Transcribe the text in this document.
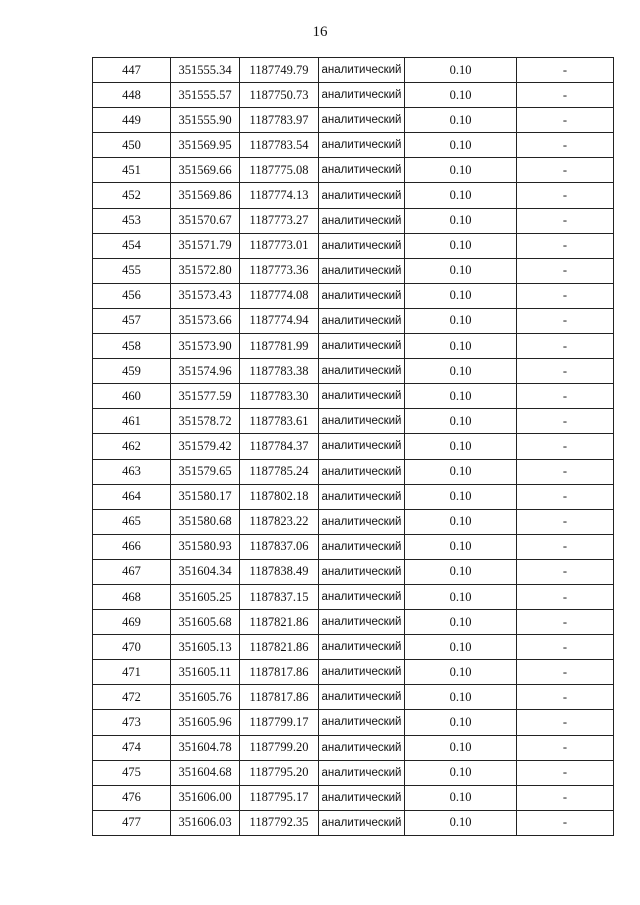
16
447	351555.34	1187749.79	аналитический	0.10	-
448	351555.57	1187750.73	аналитический	0.10	-
449	351555.90	1187783.97	аналитический	0.10	-
450	351569.95	1187783.54	аналитический	0.10	-
451	351569.66	1187775.08	аналитический	0.10	-
452	351569.86	1187774.13	аналитический	0.10	-
453	351570.67	1187773.27	аналитический	0.10	-
454	351571.79	1187773.01	аналитический	0.10	-
455	351572.80	1187773.36	аналитический	0.10	-
456	351573.43	1187774.08	аналитический	0.10	-
457	351573.66	1187774.94	аналитический	0.10	-
458	351573.90	1187781.99	аналитический	0.10	-
459	351574.96	1187783.38	аналитический	0.10	-
460	351577.59	1187783.30	аналитический	0.10	-
461	351578.72	1187783.61	аналитический	0.10	-
462	351579.42	1187784.37	аналитический	0.10	-
463	351579.65	1187785.24	аналитический	0.10	-
464	351580.17	1187802.18	аналитический	0.10	-
465	351580.68	1187823.22	аналитический	0.10	-
466	351580.93	1187837.06	аналитический	0.10	-
467	351604.34	1187838.49	аналитический	0.10	-
468	351605.25	1187837.15	аналитический	0.10	-
469	351605.68	1187821.86	аналитический	0.10	-
470	351605.13	1187821.86	аналитический	0.10	-
471	351605.11	1187817.86	аналитический	0.10	-
472	351605.76	1187817.86	аналитический	0.10	-
473	351605.96	1187799.17	аналитический	0.10	-
474	351604.78	1187799.20	аналитический	0.10	-
475	351604.68	1187795.20	аналитический	0.10	-
476	351606.00	1187795.17	аналитический	0.10	-
477	351606.03	1187792.35	аналитический	0.10	-
